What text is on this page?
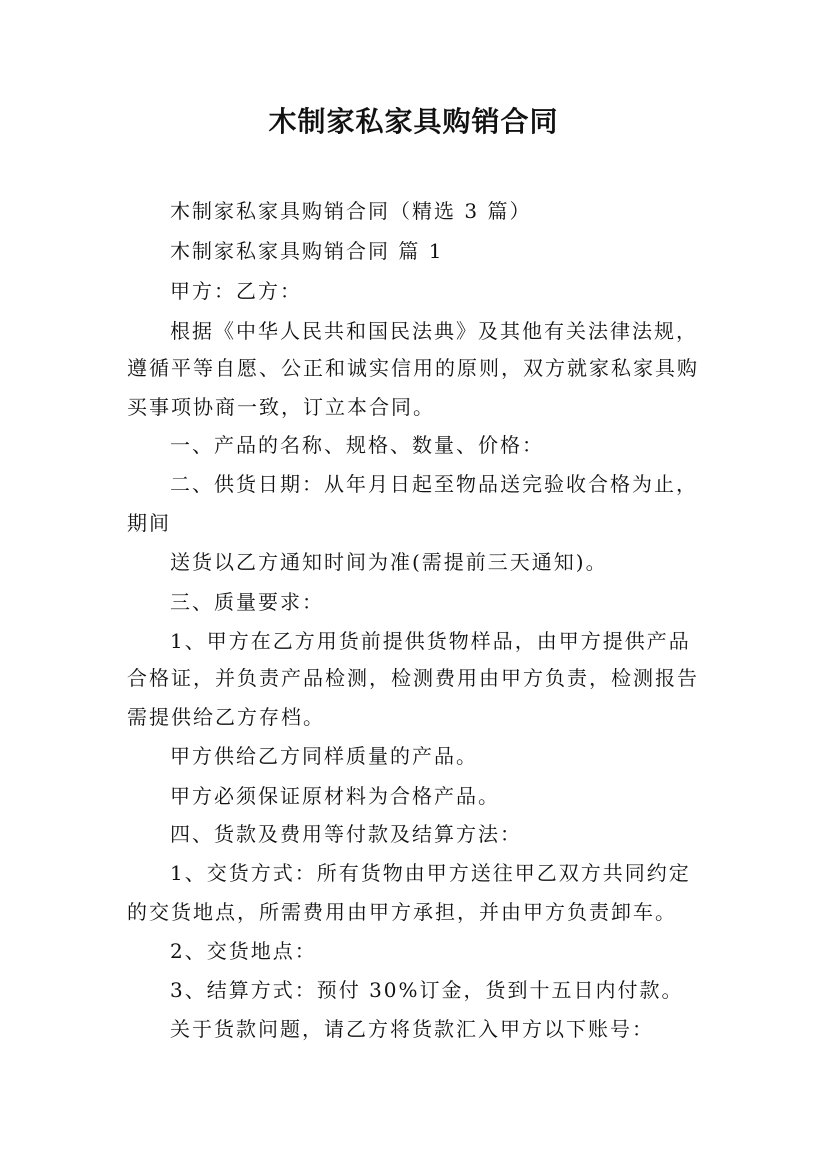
木制家私家具购销合同
木制家私家具购销合同（精选 3 篇）
木制家私家具购销合同 篇 1
甲方：乙方：
根据《中华人民共和国民法典》及其他有关法律法规，
遵循平等自愿、公正和诚实信用的原则，双方就家私家具购
买事项协商一致，订立本合同。
一、产品的名称、规格、数量、价格：
二、供货日期：从年月日起至物品送完验收合格为止，
期间
送货以乙方通知时间为准(需提前三天通知)。
三、质量要求：
1、甲方在乙方用货前提供货物样品，由甲方提供产品
合格证，并负责产品检测，检测费用由甲方负责，检测报告
需提供给乙方存档。
甲方供给乙方同样质量的产品。
甲方必须保证原材料为合格产品。
四、货款及费用等付款及结算方法：
1、交货方式：所有货物由甲方送往甲乙双方共同约定
的交货地点，所需费用由甲方承担，并由甲方负责卸车。
2、交货地点：
3、结算方式：预付 30%订金，货到十五日内付款。
关于货款问题，请乙方将货款汇入甲方以下账号：
